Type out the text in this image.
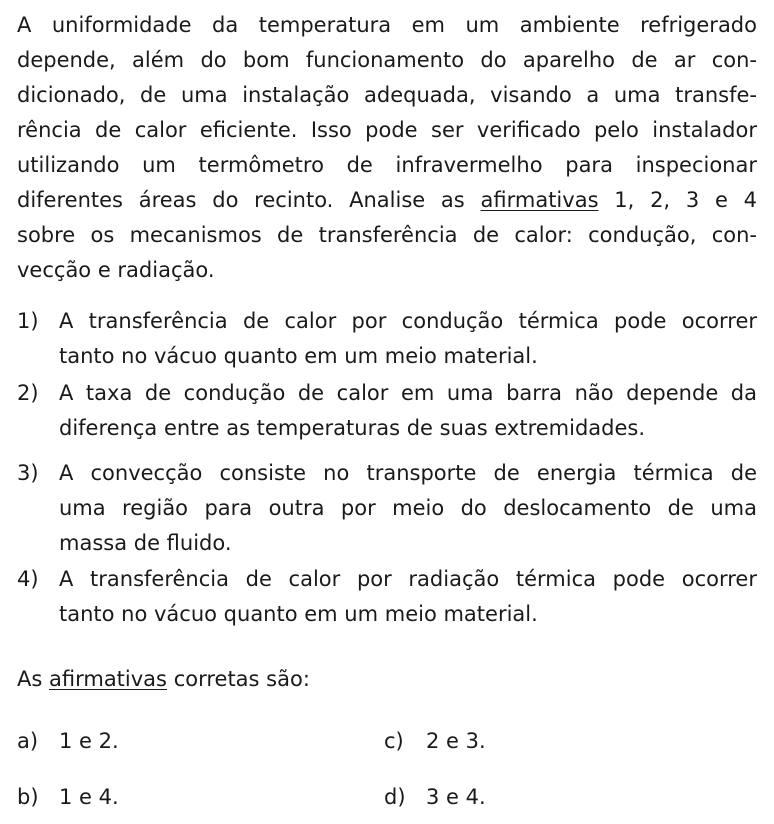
A uniformidade da temperatura em um ambiente refrigerado
depende, além do bom funcionamento do aparelho de ar con-
dicionado, de uma instalação adequada, visando a uma transfe-
rência de calor eficiente. Isso pode ser verificado pelo instalador
utilizando um termômetro de infravermelho para inspecionar
diferentes áreas do recinto. Analise as afirmativas 1, 2, 3 e 4
sobre os mecanismos de transferência de calor: condução, con-
vecção e radiação.

1) A transferência de calor por condução térmica pode ocorrer
tanto no vácuo quanto em um meio material.
2) A taxa de condução de calor em uma barra não depende da
diferença entre as temperaturas de suas extremidades.
3) A convecção consiste no transporte de energia térmica de
uma região para outra por meio do deslocamento de uma
massa de fluido.
4) A transferência de calor por radiação térmica pode ocorrer
tanto no vácuo quanto em um meio material.

As afirmativas corretas são:

a) 1 e 2.	c) 2 e 3.
b) 1 e 4.	d) 3 e 4.
